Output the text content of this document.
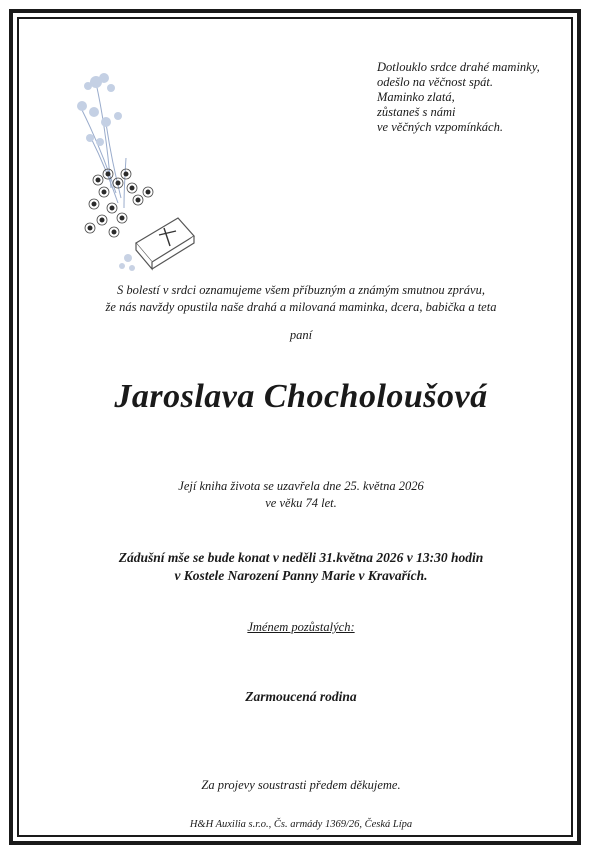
Dotlouklo srdce drahé maminky,
odešlo na věčnost spát.
Maminko zlatá,
zůstaneš s námi
ve věčných vzpomínkách.
S bolestí v srdci oznamujeme všem příbuzným a známým smutnou zprávu,
že nás navždy opustila naše drahá a milovaná maminka, dcera, babička a teta
paní
Jaroslava Chocholoušová
Její kniha života se uzavřela dne 25. května 2026
ve věku 74 let.
Zádušní mše se bude konat v neděli 31.května 2026 v 13:30 hodin
v Kostele Narození Panny Marie v Kravařích.
Jménem pozůstalých:
Zarmoucená rodina
Za projevy soustrasti předem děkujeme.
H&H Auxilia s.r.o., Čs. armády 1369/26, Česká Lípa
